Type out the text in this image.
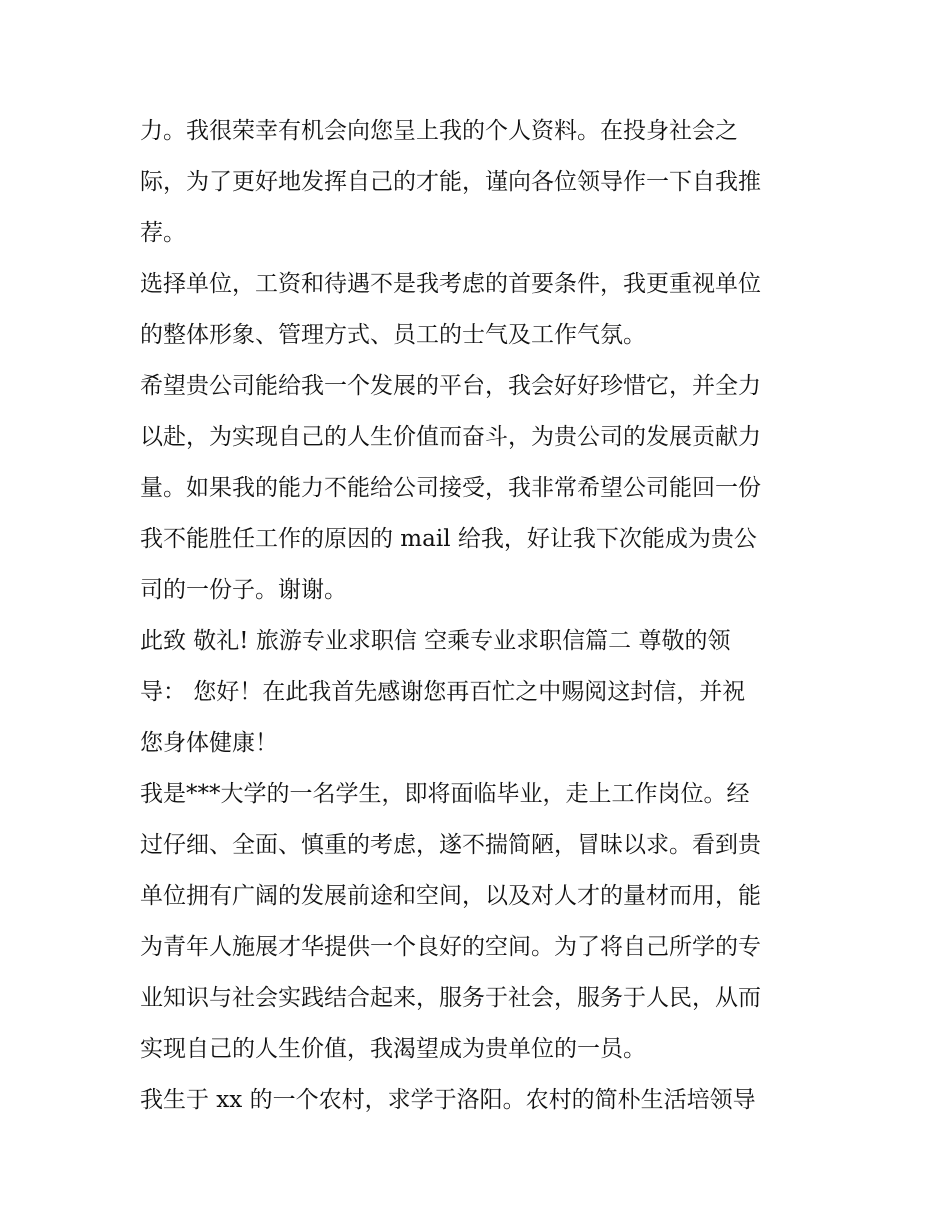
力。我很荣幸有机会向您呈上我的个人资料。在投身社会之
际，为了更好地发挥自己的才能，谨向各位领导作一下自我推
荐。
选择单位，工资和待遇不是我考虑的首要条件，我更重视单位
的整体形象、管理方式、员工的士气及工作气氛。
希望贵公司能给我一个发展的平台，我会好好珍惜它，并全力
以赴，为实现自己的人生价值而奋斗，为贵公司的发展贡献力
量。如果我的能力不能给公司接受，我非常希望公司能回一份
我不能胜任工作的原因的 mail 给我，好让我下次能成为贵公
司的一份子。谢谢。
此致 敬礼! 旅游专业求职信 空乘专业求职信篇二 尊敬的领
导： 您好！在此我首先感谢您再百忙之中赐阅这封信，并祝
您身体健康！
我是***大学的一名学生，即将面临毕业，走上工作岗位。经
过仔细、全面、慎重的考虑，遂不揣简陋，冒昧以求。看到贵
单位拥有广阔的发展前途和空间，以及对人才的量材而用，能
为青年人施展才华提供一个良好的空间。为了将自己所学的专
业知识与社会实践结合起来，服务于社会，服务于人民，从而
实现自己的人生价值，我渴望成为贵单位的一员。
我生于 xx 的一个农村，求学于洛阳。农村的简朴生活培领导
